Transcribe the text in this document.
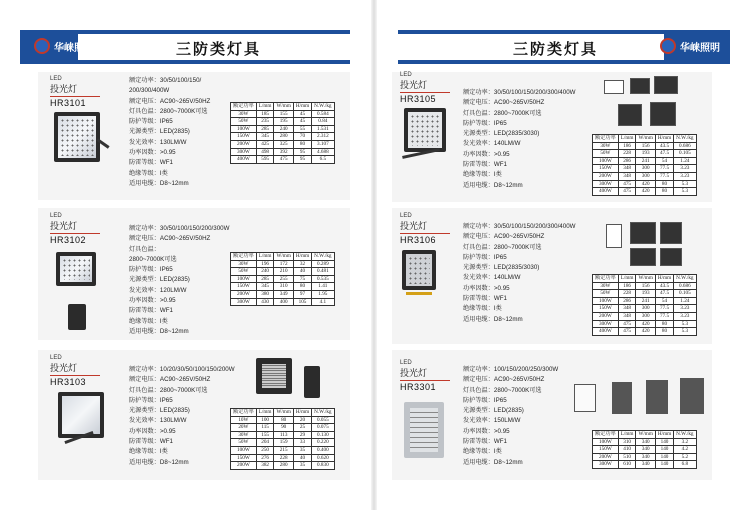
华崃照明	三防类灯具	三防类灯具	华崃照明
LED
投光灯
HR3101
额定功率：30/50/100/150/
200/300/400W
额定电压：AC90~265V/50HZ
灯具色温：2800~7000K可选
防护等级：IP65
光源类型：LED(2835)
发光效率：130LM/W
功率因数：>0.95
防雷等级：WF1
绝缘等级：I类
适用电缆：D8~12mm
额定功率	L/mm	W/mm	H/mm	N.W./kg
30W	185	155	45	0.584
50W	235	195	45	0.84
100W	285	240	55	1.531
150W	345	280	70	2.312
200W	425	325	80	3.107
300W	498	392	95	4.688
400W	595	475	95	6.5
LED
投光灯
HR3102
额定功率：30/50/100/150/200/300W
额定电压：AC90~265V/50HZ
灯具色温：
2800~7000K可选
防护等级：IP65
光源类型：LED(2835)
发光效率：120LM/W
功率因数：>0.95
防雷等级：WF1
绝缘等级：I类
适用电缆：D8~12mm
额定功率	L/mm	W/mm	H/mm	N.W./kg
30W	196	172	32	0.289
50W	240	210	40	0.481
100W	285	255	75	0.535
150W	345	310	80	1.41
200W	380	349	97	1.95
300W	430	400	105	4.1
LED
投光灯
HR3103
额定功率：10/20/30/50/100/150/200W
额定电压：AC90~265V/50HZ
灯具色温：2800~7000K可选
防护等级：IP65
光源类型：LED(2835)
发光效率：130LM/W
功率因数：>0.95
防雷等级：WF1
绝缘等级：I类
适用电缆：D8~12mm
额定功率	L/mm	W/mm	H/mm	N.W./kg
10W	100	80	20	0.055
20W	115	90	25	0.075
30W	155	113	29	0.130
50W	204	159	33	0.220
100W	250	215	35	0.400
150W	276	228	40	0.620
200W	382	280	35	0.830
LED
投光灯
HR3105
额定功率：30/50/100/150/200/300/400W
额定电压：AC90~265V/50HZ
灯具色温：2800~7000K可选
防护等级：IP65
光源类型：LED(2835/3030)
发光效率：140LM/W
功率因数：>0.95
防雷等级：WF1
绝缘等级：I类
适用电缆：D8~12mm
额定功率	L/mm	W/mm	H/mm	N.W./kg
30W	186	156	43.5	0.686
50W	228	193	47.5	0.105
100W	286	241	54	1.24
150W	348	300	77.5	3.23
200W	348	300	77.5	3.23
300W	475	420	80	5.3
400W	475	420	80	5.3
LED
投光灯
HR3106
额定功率：30/50/100/150/200/300/400W
额定电压：AC90~265V/50HZ
灯具色温：2800~7000K可选
防护等级：IP65
光源类型：LED(2835/3030)
发光效率：140LM/W
功率因数：>0.95
防雷等级：WF1
绝缘等级：I类
适用电缆：D8~12mm
额定功率	L/mm	W/mm	H/mm	N.W./kg
30W	186	156	43.5	0.686
50W	228	193	47.5	0.105
100W	286	241	54	1.24
150W	348	300	77.5	3.23
200W	348	300	77.5	3.23
300W	475	420	80	5.3
400W	475	420	80	5.3
LED
投光灯
HR3301
额定功率：100/150/200/250/300W
额定电压：AC90~265V/50HZ
灯具色温：2800~7000K可选
防护等级：IP65
光源类型：LED(2835)
发光效率：150LM/W
功率因数：>0.95
防雷等级：WF1
绝缘等级：I类
适用电缆：D8~12mm
额定功率	L/mm	W/mm	H/mm	N.W./kg
100W	310	340	140	3.2
150W	410	340	140	4.2
200W	510	340	140	5.2
300W	610	340	140	6.8
